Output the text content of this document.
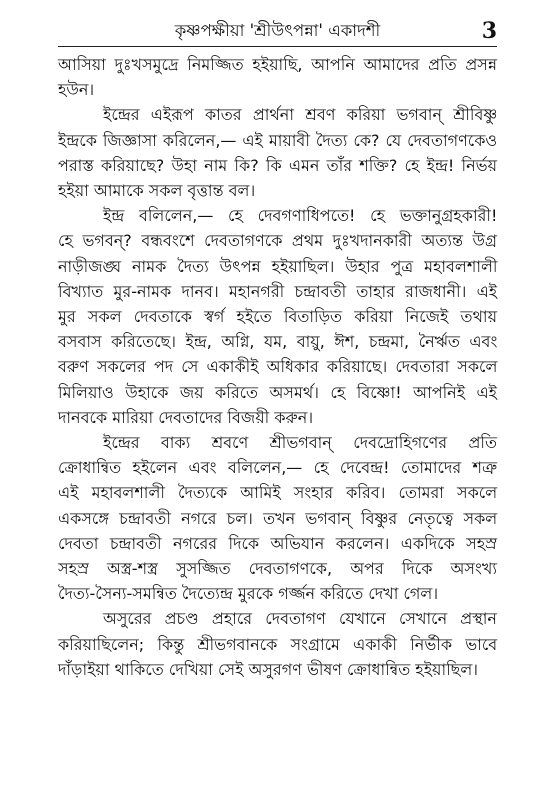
কৃষ্ণপক্ষীয়া 'শ্রীউৎপন্না' একাদশী	3
আসিয়া দুঃখসমুদ্রে নিমজ্জিত হইয়াছি, আপনি আমাদের প্রতি প্রসন্ন
হউন।
ইন্দ্রের এইরূপ কাতর প্রার্থনা শ্রবণ করিয়া ভগবান্ শ্রীবিষ্ণু
ইন্দ্রকে জিজ্ঞাসা করিলেন,— এই মায়াবী দৈত্য কে? যে দেবতাগণকেও
পরাস্ত করিয়াছে? উহা নাম কি? কি এমন তাঁর শক্তি? হে ইন্দ্র! নির্ভয়
হইয়া আমাকে সকল বৃত্তান্ত বল।
ইন্দ্র বলিলেন,— হে দেবগণাধিপতে! হে ভক্তানুগ্রহকারী!
হে ভগবন্? বন্ধবংশে দেবতাগণকে প্রথম দুঃখদানকারী অত্যন্ত উগ্র
নাড়ীজঙ্ঘ নামক দৈত্য উৎপন্ন হইয়াছিল। উহার পুত্র মহাবলশালী
বিখ্যাত মুর-নামক দানব। মহানগরী চন্দ্রাবতী তাহার রাজধানী। এই
মুর সকল দেবতাকে স্বর্গ হইতে বিতাড়িত করিয়া নিজেই তথায়
বসবাস করিতেছে। ইন্দ্র, অগ্নি, যম, বায়ু, ঈশ, চন্দ্রমা, নৈর্ঋত এবং
বরুণ সকলের পদ সে একাকীই অধিকার করিয়াছে। দেবতারা সকলে
মিলিয়াও উহাকে জয় করিতে অসমর্থ। হে বিষ্ণো! আপনিই এই
দানবকে মারিয়া দেবতাদের বিজয়ী করুন।
ইন্দ্রের বাক্য শ্রবণে শ্রীভগবান্ দেবদ্রোহিগণের প্রতি
ক্রোধান্বিত হইলেন এবং বলিলেন,— হে দেবেন্দ্র! তোমাদের শত্রু
এই মহাবলশালী দৈত্যকে আমিই সংহার করিব। তোমরা সকলে
একসঙ্গে চন্দ্রাবতী নগরে চল। তখন ভগবান্ বিষ্ণুর নেতৃত্বে সকল
দেবতা চন্দ্রাবতী নগরের দিকে অভিযান করলেন। একদিকে সহস্র
সহস্র অস্ত্র-শস্ত্র সুসজ্জিত দেবতাগণকে, অপর দিকে অসংখ্য
দৈত্য-সৈন্য-সমন্বিত দৈত্যেন্দ্র মুরকে গর্জ্জন করিতে দেখা গেল।
অসুরের প্রচণ্ড প্রহারে দেবতাগণ যেখানে সেখানে প্রস্থান
করিয়াছিলেন; কিন্তু শ্রীভগবানকে সংগ্রামে একাকী নির্ভীক ভাবে
দাঁড়াইয়া থাকিতে দেখিয়া সেই অসুরগণ ভীষণ ক্রোধান্বিত হইয়াছিল।
